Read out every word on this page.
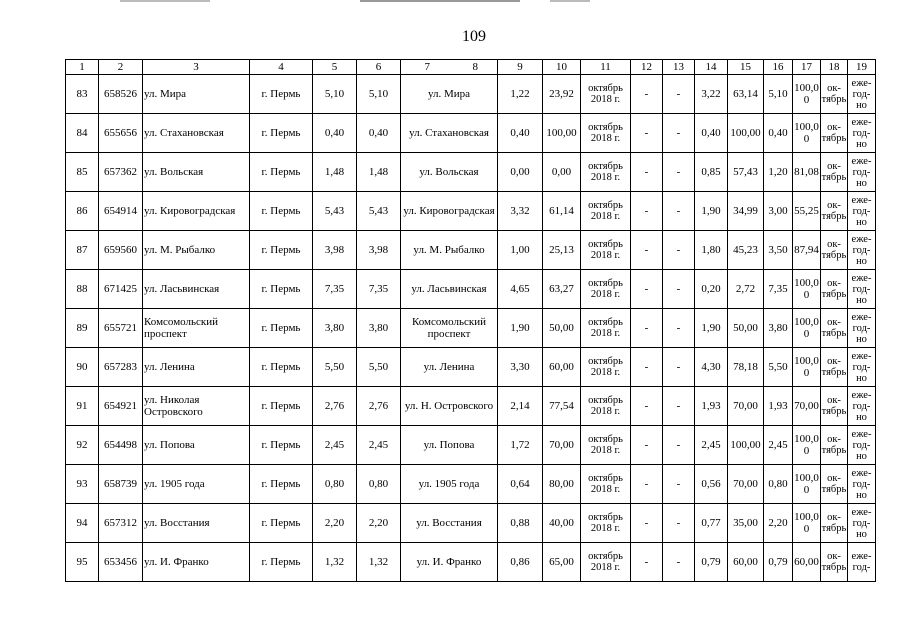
109
1	2	3	4	5	6	7	8	9	10	11	12	13	14	15	16	17	18	19
83	658526	ул. Мира	г. Пермь	5,10	5,10	ул. Мира		1,22	23,92	октябрь 2018 г.	-	-	3,22	63,14	5,10	100,0 0	ок-тябрь	еже-год-но
84	655656	ул. Стахановская	г. Пермь	0,40	0,40	ул. Стахановская		0,40	100,00	октябрь 2018 г.	-	-	0,40	100,00	0,40	100,0 0	ок-тябрь	еже-год-но
85	657362	ул. Вольская	г. Пермь	1,48	1,48	ул. Вольская		0,00	0,00	октябрь 2018 г.	-	-	0,85	57,43	1,20	81,08	ок-тябрь	еже-год-но
86	654914	ул. Кировоградская	г. Пермь	5,43	5,43	ул. Кировоградская		3,32	61,14	октябрь 2018 г.	-	-	1,90	34,99	3,00	55,25	ок-тябрь	еже-год-но
87	659560	ул. М. Рыбалко	г. Пермь	3,98	3,98	ул. М. Рыбалко		1,00	25,13	октябрь 2018 г.	-	-	1,80	45,23	3,50	87,94	ок-тябрь	еже-год-но
88	671425	ул. Ласьвинская	г. Пермь	7,35	7,35	ул. Ласьвинская		4,65	63,27	октябрь 2018 г.	-	-	0,20	2,72	7,35	100,0 0	ок-тябрь	еже-год-но
89	655721	Комсомольский проспект	г. Пермь	3,80	3,80	Комсомольский проспект		1,90	50,00	октябрь 2018 г.	-	-	1,90	50,00	3,80	100,0 0	ок-тябрь	еже-год-но
90	657283	ул. Ленина	г. Пермь	5,50	5,50	ул. Ленина		3,30	60,00	октябрь 2018 г.	-	-	4,30	78,18	5,50	100,0 0	ок-тябрь	еже-год-но
91	654921	ул. Николая Островского	г. Пермь	2,76	2,76	ул. Н. Островского		2,14	77,54	октябрь 2018 г.	-	-	1,93	70,00	1,93	70,00	ок-тябрь	еже-год-но
92	654498	ул. Попова	г. Пермь	2,45	2,45	ул. Попова		1,72	70,00	октябрь 2018 г.	-	-	2,45	100,00	2,45	100,0 0	ок-тябрь	еже-год-но
93	658739	ул. 1905 года	г. Пермь	0,80	0,80	ул. 1905 года		0,64	80,00	октябрь 2018 г.	-	-	0,56	70,00	0,80	100,0 0	ок-тябрь	еже-год-но
94	657312	ул. Восстания	г. Пермь	2,20	2,20	ул. Восстания		0,88	40,00	октябрь 2018 г.	-	-	0,77	35,00	2,20	100,0 0	ок-тябрь	еже-год-но
95	653456	ул. И. Франко	г. Пермь	1,32	1,32	ул. И. Франко		0,86	65,00	октябрь 2018 г.	-	-	0,79	60,00	0,79	60,00	ок-тябрь	еже-год-
